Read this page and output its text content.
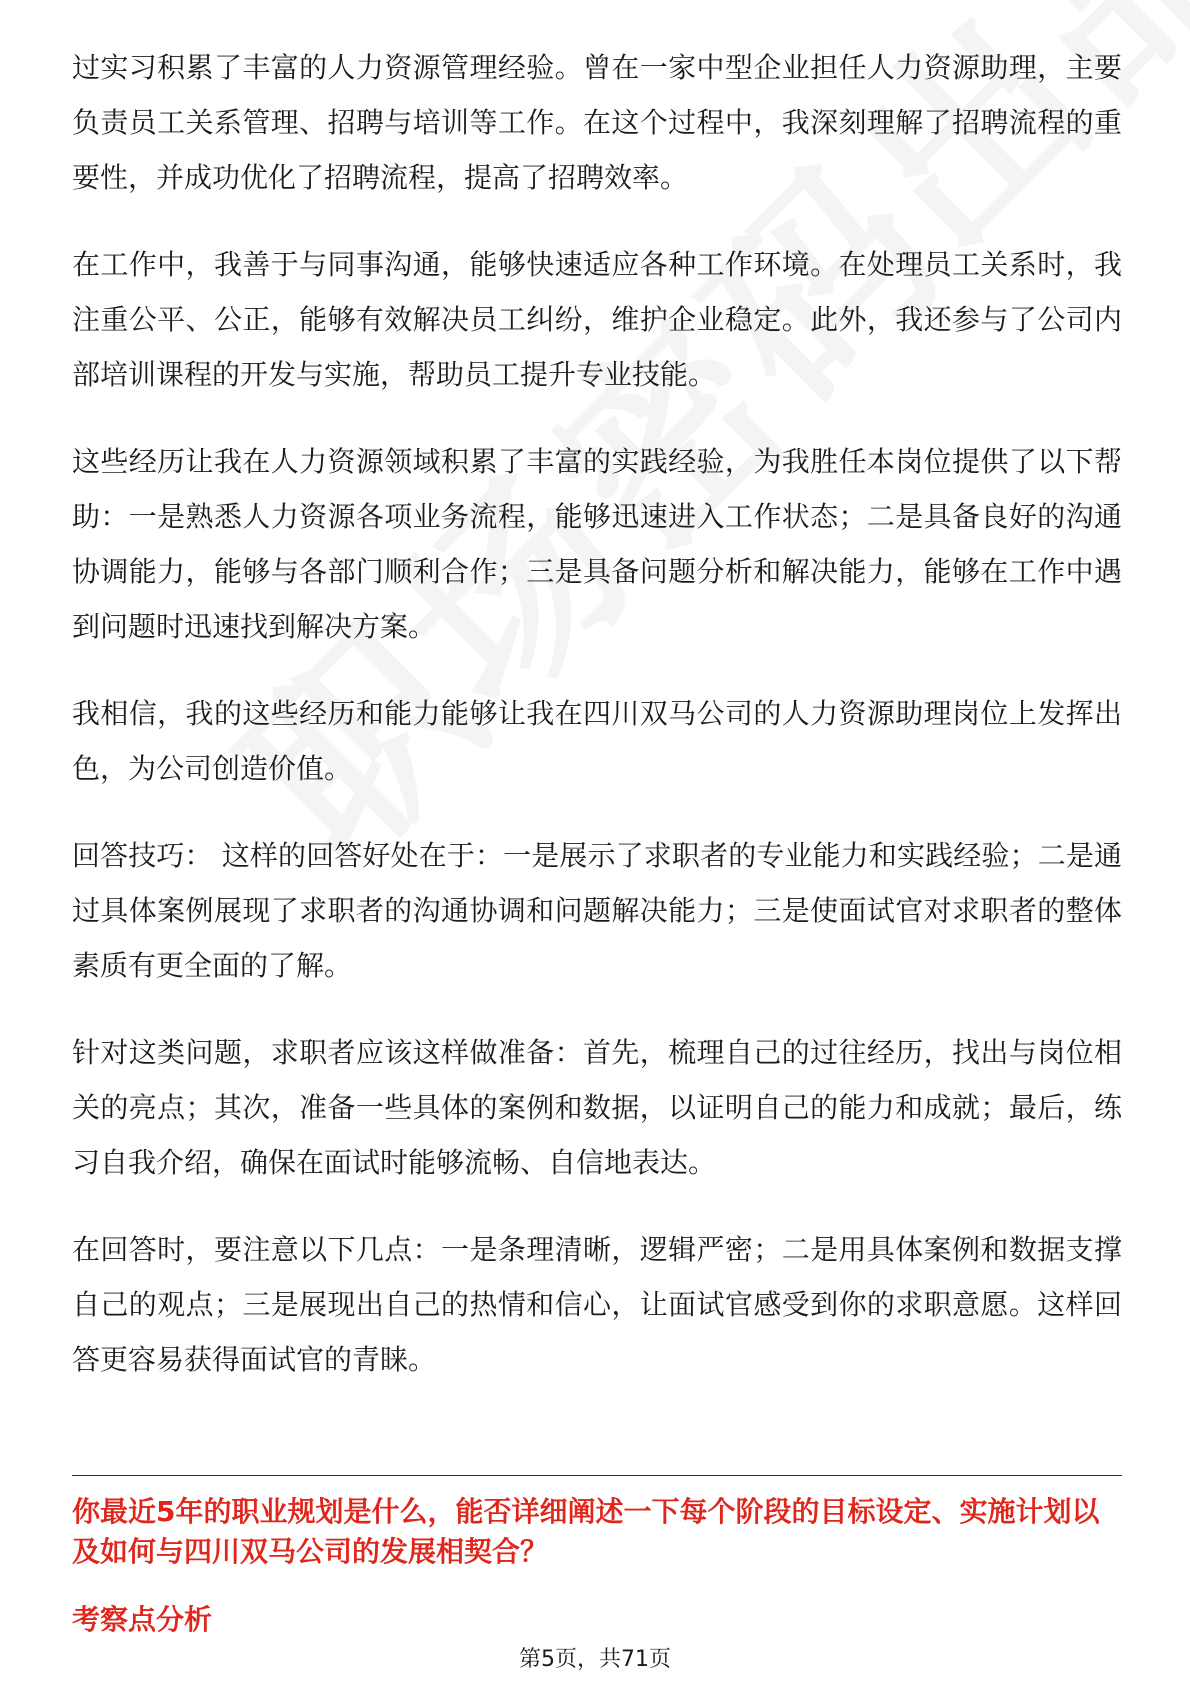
过实习积累了丰富的人力资源管理经验。曾在一家中型企业担任人力资源助理，主要负责员工关系管理、招聘与培训等工作。在这个过程中，我深刻理解了招聘流程的重要性，并成功优化了招聘流程，提高了招聘效率。

在工作中，我善于与同事沟通，能够快速适应各种工作环境。在处理员工关系时，我注重公平、公正，能够有效解决员工纠纷，维护企业稳定。此外，我还参与了公司内部培训课程的开发与实施，帮助员工提升专业技能。

这些经历让我在人力资源领域积累了丰富的实践经验，为我胜任本岗位提供了以下帮助：一是熟悉人力资源各项业务流程，能够迅速进入工作状态；二是具备良好的沟通协调能力，能够与各部门顺利合作；三是具备问题分析和解决能力，能够在工作中遇到问题时迅速找到解决方案。

我相信，我的这些经历和能力能够让我在四川双马公司的人力资源助理岗位上发挥出色，为公司创造价值。

回答技巧： 这样的回答好处在于：一是展示了求职者的专业能力和实践经验；二是通过具体案例展现了求职者的沟通协调和问题解决能力；三是使面试官对求职者的整体素质有更全面的了解。

针对这类问题，求职者应该这样做准备：首先，梳理自己的过往经历，找出与岗位相关的亮点；其次，准备一些具体的案例和数据，以证明自己的能力和成就；最后，练习自我介绍，确保在面试时能够流畅、自信地表达。

在回答时，要注意以下几点：一是条理清晰，逻辑严密；二是用具体案例和数据支撑自己的观点；三是展现出自己的热情和信心，让面试官感受到你的求职意愿。这样回答更容易获得面试官的青睐。

你最近5年的职业规划是什么，能否详细阐述一下每个阶段的目标设定、实施计划以及如何与四川双马公司的发展相契合？

考察点分析

第5页，共71页
